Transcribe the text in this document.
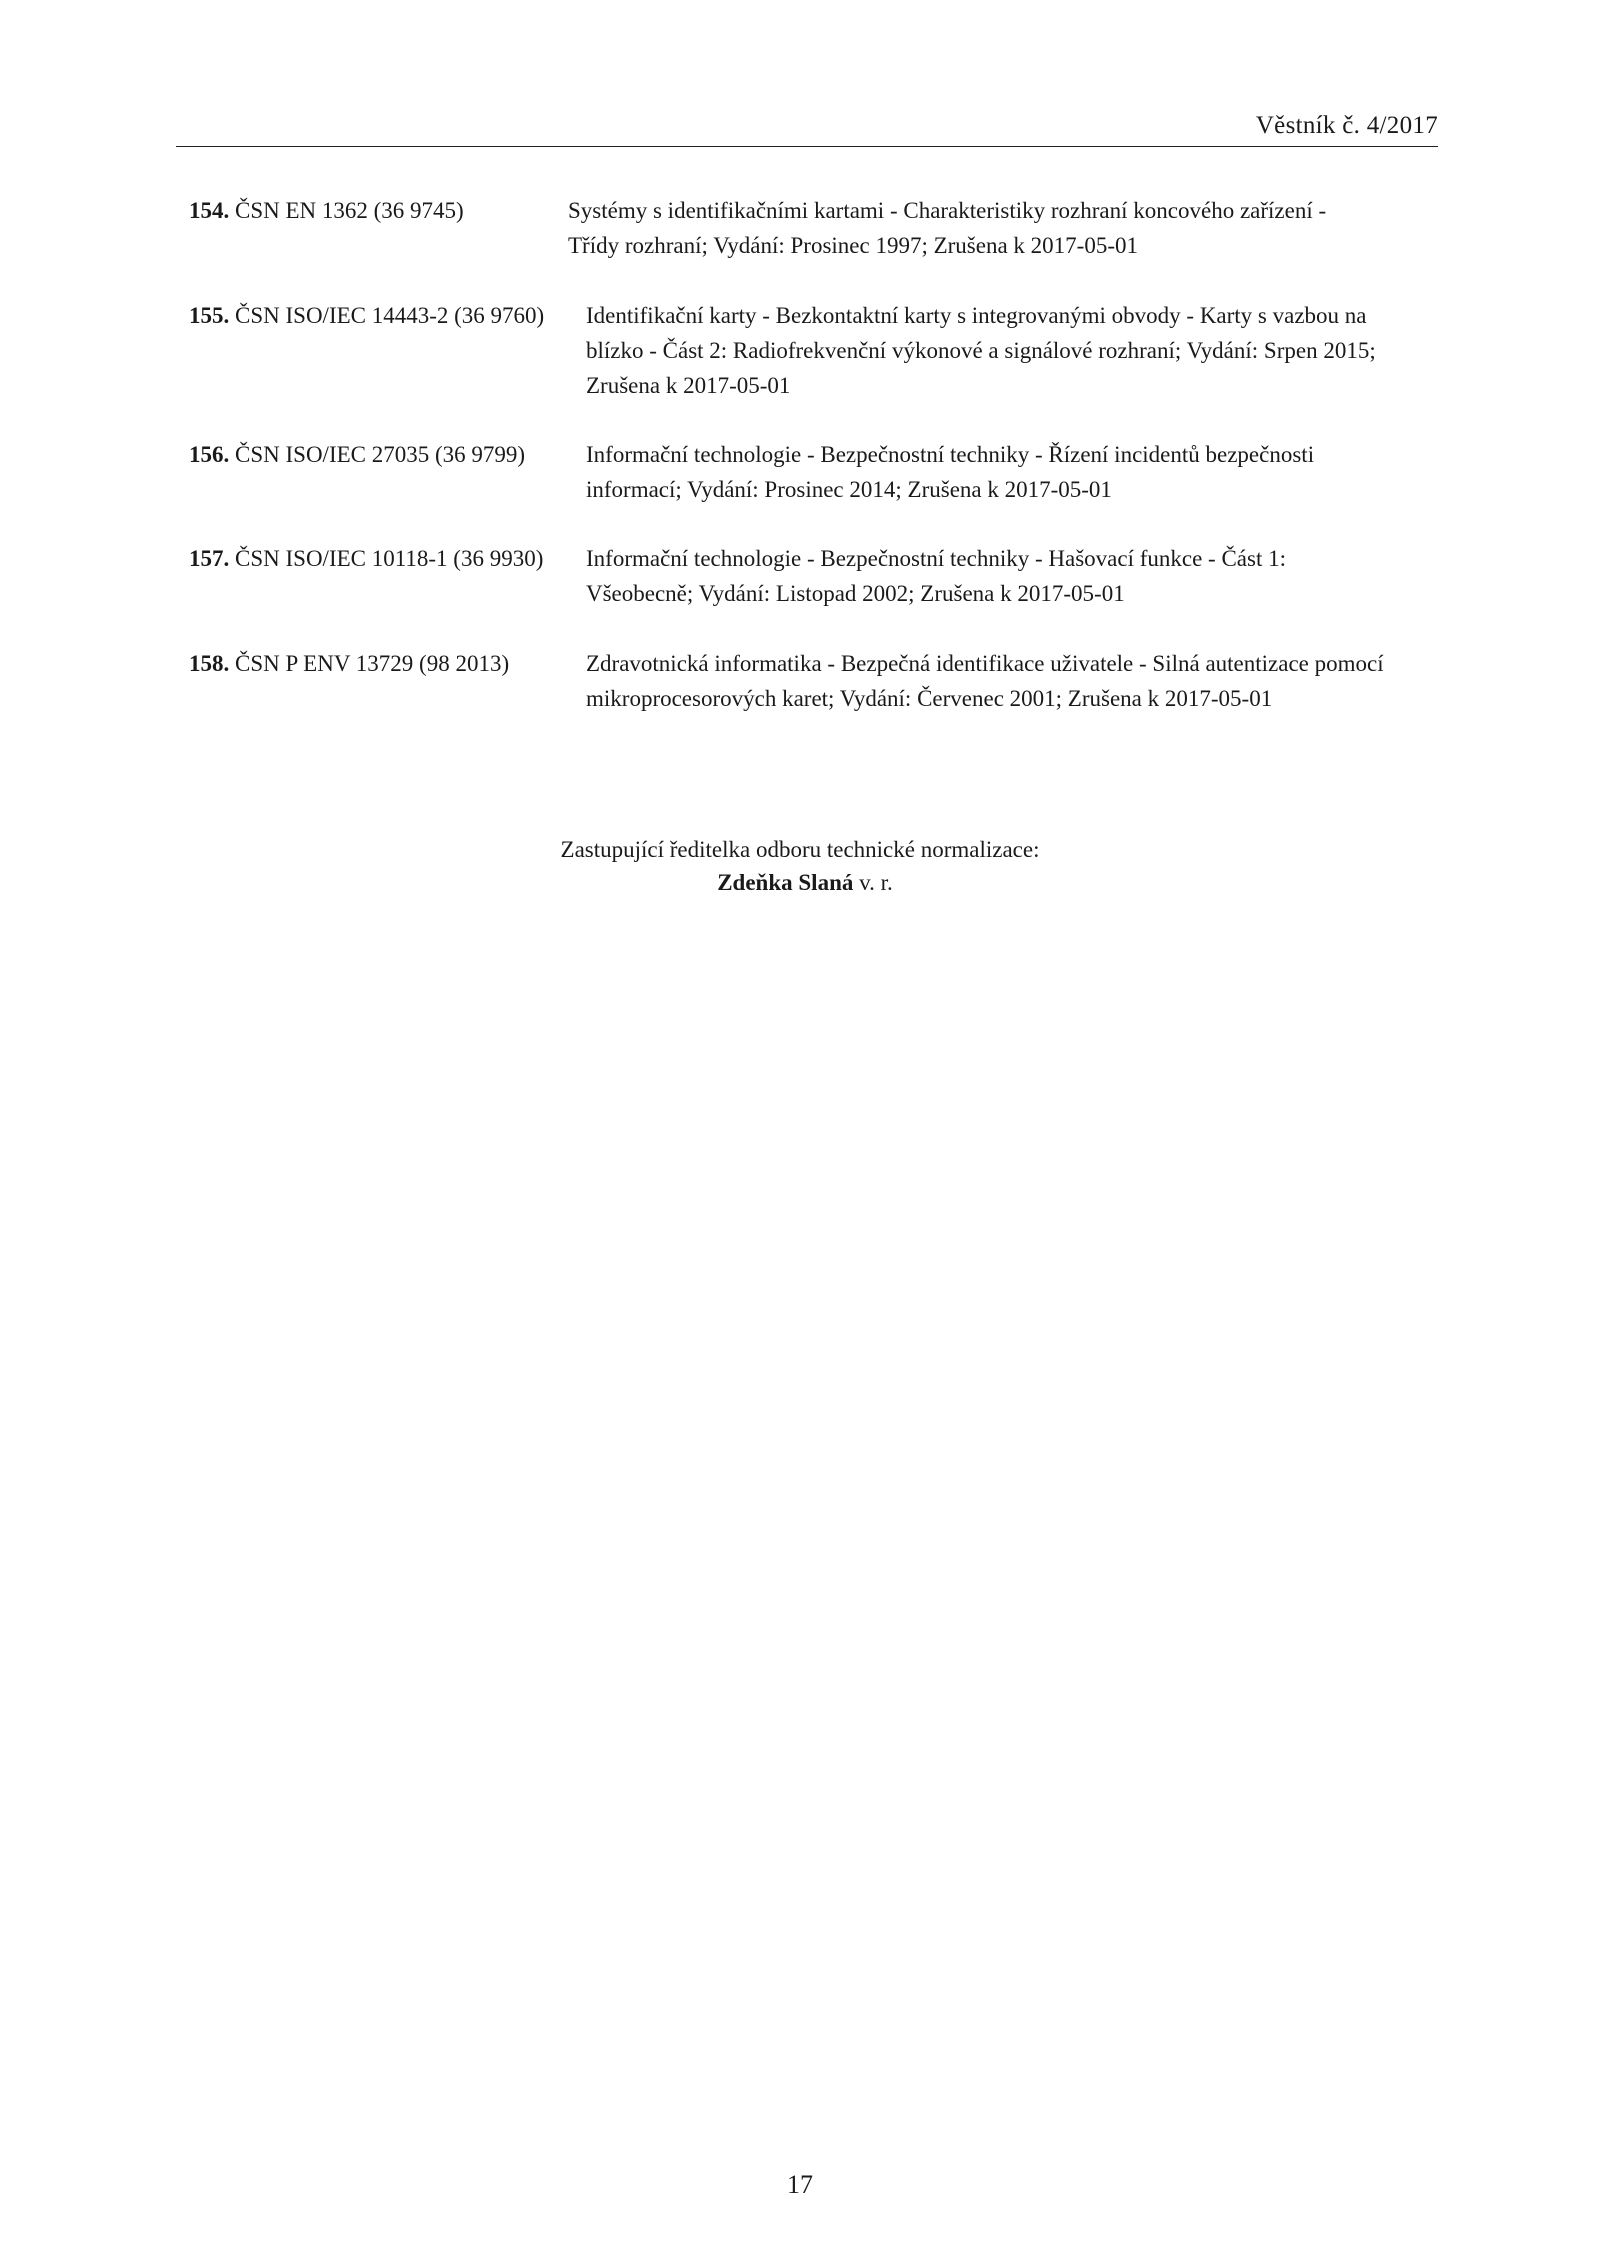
Věstník č. 4/2017
154. ČSN EN 1362 (36 9745)	Systémy s identifikačními kartami - Charakteristiky rozhraní koncového zařízení -
Třídy rozhraní; Vydání: Prosinec 1997; Zrušena k 2017-05-01
155. ČSN ISO/IEC 14443-2 (36 9760) Identifikační karty - Bezkontaktní karty s integrovanými obvody - Karty s vazbou na
blízko - Část 2: Radiofrekvenční výkonové a signálové rozhraní; Vydání: Srpen 2015;
Zrušena k 2017-05-01
156. ČSN ISO/IEC 27035 (36 9799)	Informační technologie - Bezpečnostní techniky - Řízení incidentů bezpečnosti
informací; Vydání: Prosinec 2014; Zrušena k 2017-05-01
157. ČSN ISO/IEC 10118-1 (36 9930) Informační technologie - Bezpečnostní techniky - Hašovací funkce - Část 1:
Všeobecně; Vydání: Listopad 2002; Zrušena k 2017-05-01
158. ČSN P ENV 13729 (98 2013)	Zdravotnická informatika - Bezpečná identifikace uživatele - Silná autentizace pomocí
mikroprocesorových karet; Vydání: Červenec 2001; Zrušena k 2017-05-01
Zastupující ředitelka odboru technické normalizace:
Zdeňka Slaná v. r.
17
